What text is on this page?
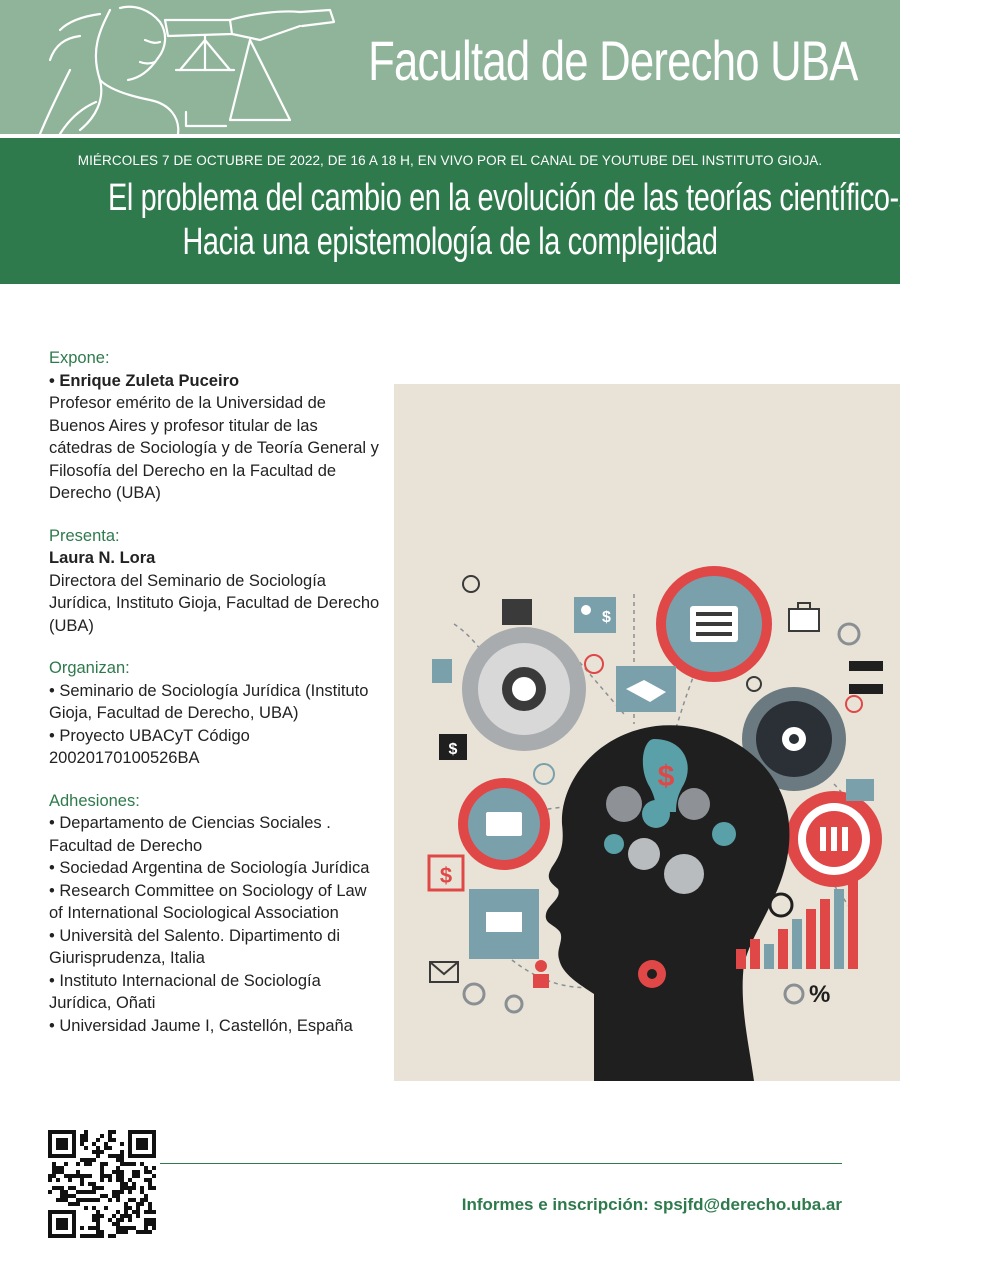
Facultad de Derecho UBA
MIÉRCOLES 7 DE OCTUBRE DE 2022, DE 16 A 18 H, EN VIVO POR EL CANAL DE YOUTUBE DEL INSTITUTO GIOJA.
El problema del cambio en la evolución de las teorías científico-sociales.
Hacia una epistemología de la complejidad
Expone:
• Enrique Zuleta Puceiro
Profesor emérito de la Universidad de Buenos Aires y profesor titular de las cátedras de Sociología y de Teoría General y Filosofía del Derecho en la Facultad de Derecho (UBA)
Presenta:
Laura N. Lora
Directora del Seminario de Sociología Jurídica, Instituto Gioja, Facultad de Derecho (UBA)
Organizan:
• Seminario de Sociología Jurídica (Instituto Gioja, Facultad de Derecho, UBA)
• Proyecto UBACyT Código 20020170100526BA
Adhesiones:
• Departamento de Ciencias Sociales . Facultad de Derecho
• Sociedad Argentina de Sociología Jurídica
• Research Committee on Sociology of Law of International Sociological Association
• Università del Salento. Dipartimento di Giurisprudenza, Italia
• Instituto Internacional de Sociología Jurídica, Oñati
• Universidad Jaume I, Castellón, España
$
$
$
$
%
Informes e inscripción: spsjfd@derecho.uba.ar
